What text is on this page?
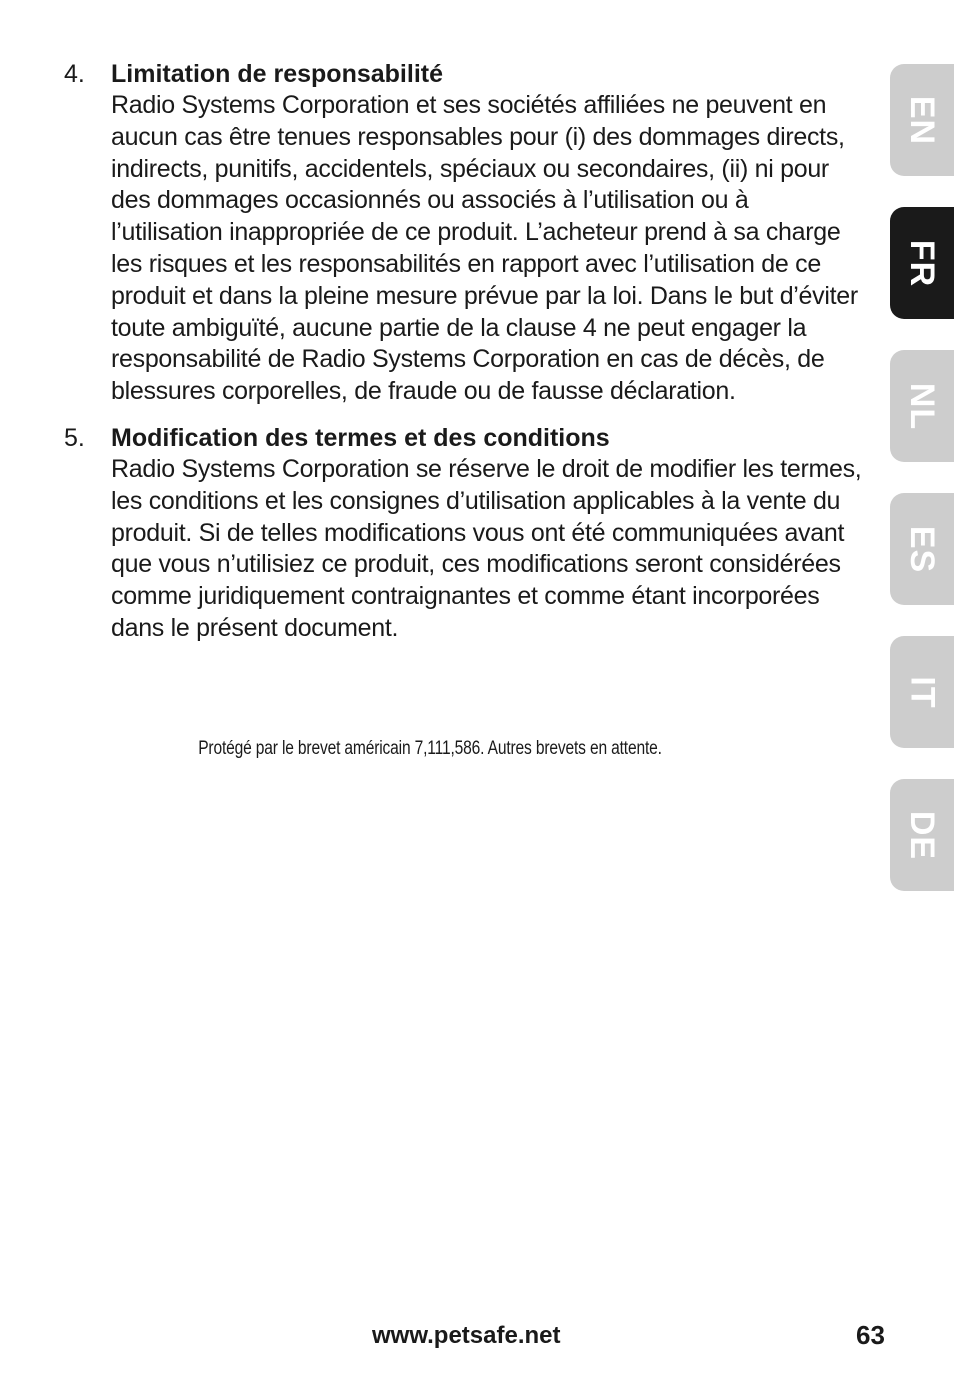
4. Limitation de responsabilité
Radio Systems Corporation et ses sociétés affiliées ne peuvent en aucun cas être tenues responsables pour (i) des dommages directs, indirects, punitifs, accidentels, spéciaux ou secondaires, (ii) ni pour des dommages occasionnés ou associés à l’utilisation ou à l’utilisation inappropriée de ce produit. L’acheteur prend à sa charge les risques et les responsabilités en rapport avec l’utilisation de ce produit et dans la pleine mesure prévue par la loi. Dans le but d’éviter toute ambiguïté, aucune partie de la clause 4 ne peut engager la responsabilité de Radio Systems Corporation en cas de décès, de blessures corporelles, de fraude ou de fausse déclaration.
5. Modification des termes et des conditions
Radio Systems Corporation se réserve le droit de modifier les termes, les conditions et les consignes d’utilisation applicables à la vente du produit. Si de telles modifications vous ont été communiquées avant que vous n’utilisiez ce produit, ces modifications seront considérées comme juridiquement contraignantes et comme étant incorporées dans le présent document.
Protégé par le brevet américain 7,111,586. Autres brevets en attente.
www.petsafe.net	63
EN
FR
NL
ES
IT
DE
